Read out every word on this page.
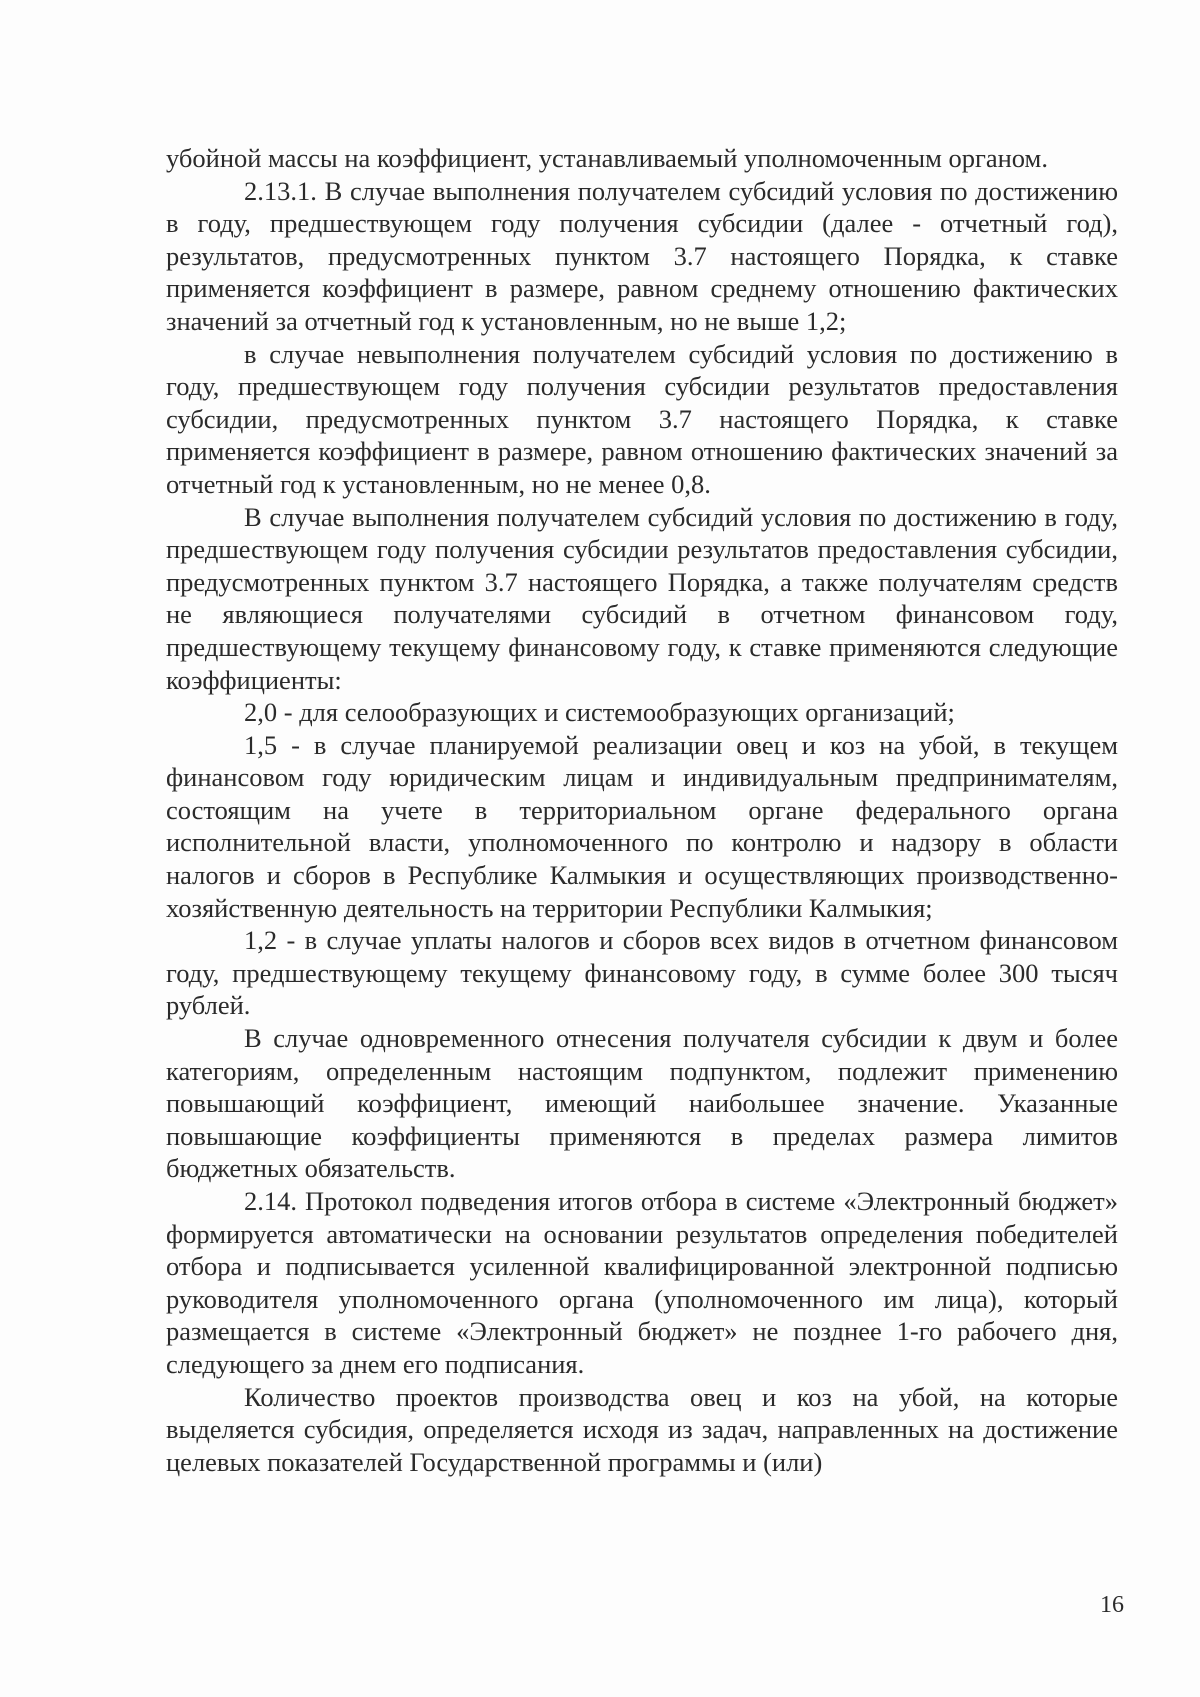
убойной массы на коэффициент, устанавливаемый уполномоченным органом.

2.13.1. В случае выполнения получателем субсидий условия по достижению в году, предшествующем году получения субсидии (далее - отчетный год), результатов, предусмотренных пунктом 3.7 настоящего Порядка, к ставке применяется коэффициент в размере, равном среднему отношению фактических значений за отчетный год к установленным, но не выше 1,2;

в случае невыполнения получателем субсидий условия по достижению в году, предшествующем году получения субсидии результатов предоставления субсидии, предусмотренных пунктом 3.7 настоящего Порядка, к ставке применяется коэффициент в размере, равном отношению фактических значений за отчетный год к установленным, но не менее 0,8.

В случае выполнения получателем субсидий условия по достижению в году, предшествующем году получения субсидии результатов предоставления субсидии, предусмотренных пунктом 3.7 настоящего Порядка, а также получателям средств не являющиеся получателями субсидий в отчетном финансовом году, предшествующему текущему финансовому году, к ставке применяются следующие коэффициенты:

2,0 - для селообразующих и системообразующих организаций;

1,5 - в случае планируемой реализации овец и коз на убой, в текущем финансовом году юридическим лицам и индивидуальным предпринимателям, состоящим на учете в территориальном органе федерального органа исполнительной власти, уполномоченного по контролю и надзору в области налогов и сборов в Республике Калмыкия и осуществляющих производственно-хозяйственную деятельность на территории Республики Калмыкия;

1,2 - в случае уплаты налогов и сборов всех видов в отчетном финансовом году, предшествующему текущему финансовому году, в сумме более 300 тысяч рублей.

В случае одновременного отнесения получателя субсидии к двум и более категориям, определенным настоящим подпунктом, подлежит применению повышающий коэффициент, имеющий наибольшее значение. Указанные повышающие коэффициенты применяются в пределах размера лимитов бюджетных обязательств.

2.14. Протокол подведения итогов отбора в системе «Электронный бюджет» формируется автоматически на основании результатов определения победителей отбора и подписывается усиленной квалифицированной электронной подписью руководителя уполномоченного органа (уполномоченного им лица), который размещается в системе «Электронный бюджет» не позднее 1-го рабочего дня, следующего за днем его подписания.

Количество проектов производства овец и коз на убой, на которые выделяется субсидия, определяется исходя из задач, направленных на достижение целевых показателей Государственной программы и (или)

16
